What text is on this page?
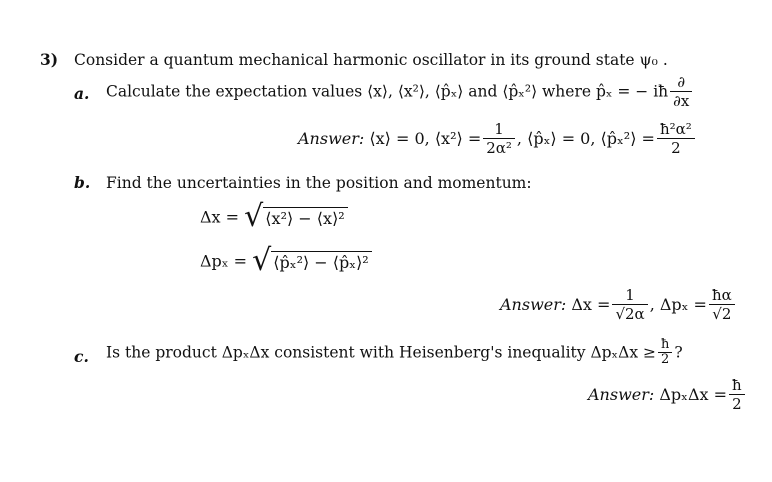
3) Consider a quantum mechanical harmonic oscillator in its ground state ψ₀ .
a. Calculate the expectation values ⟨x⟩, ⟨x²⟩, ⟨p̂ₓ⟩ and ⟨p̂ₓ²⟩ where p̂ₓ = − iħ $\frac{\partial}{\partial x}$
Answer: ⟨x⟩ = 0, ⟨x²⟩ = $\frac{1}{\text{2α²}}$ , ⟨p̂ₓ⟩ = 0, ⟨p̂ₓ²⟩ = $\frac{\text{ħ²α²}}{2}$
b. Find the uncertainties in the position and momentum:
Δx = √ ⟨x²⟩ − ⟨x⟩²
Δpₓ = √ ⟨p̂ₓ²⟩ − ⟨p̂ₓ⟩²
Answer: $\Delta x = \frac{1}{√2\alpha}$ , $\Delta p_x = \frac{ħ\alpha}{√2}$
c. Is the product ΔpₓΔx consistent with Heisenberg's inequality $\Delta p_x\Delta x \ge \frac{ħ}{2}$ ?
Answer: $\Delta p_x\Delta x = \frac{ħ}{2}$
